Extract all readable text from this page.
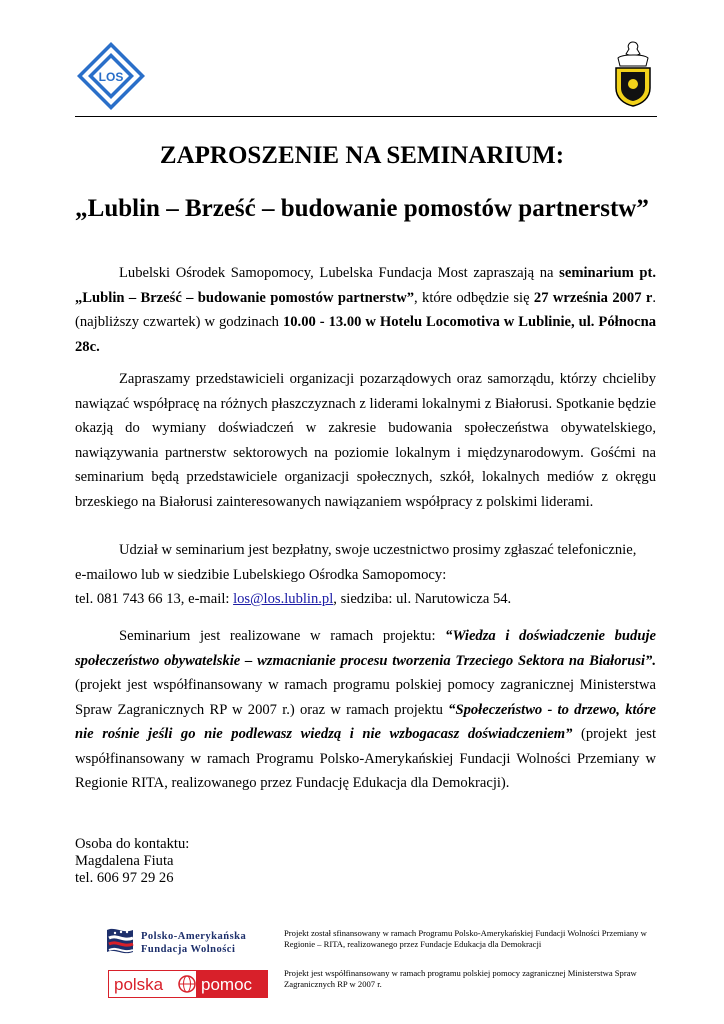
LOS
ZAPROSZENIE NA SEMINARIUM:
„Lublin – Brześć – budowanie pomostów partnerstw”

Lubelski Ośrodek Samopomocy, Lubelska Fundacja Most zapraszają na seminarium pt. „Lublin – Brześć – budowanie pomostów partnerstw”, które odbędzie się 27 września 2007 r. (najbliższy czwartek) w godzinach 10.00 - 13.00 w Hotelu Locomotiva w Lublinie, ul. Północna 28c.

Zapraszamy przedstawicieli organizacji pozarządowych oraz samorządu, którzy chcieliby nawiązać współpracę na różnych płaszczyznach z liderami lokalnymi z Białorusi. Spotkanie będzie okazją do wymiany doświadczeń w zakresie budowania społeczeństwa obywatelskiego, nawiązywania partnerstw sektorowych na poziomie lokalnym i międzynarodowym. Gośćmi na seminarium będą przedstawiciele organizacji społecznych, szkół, lokalnych mediów z okręgu brzeskiego na Białorusi zainteresowanych nawiązaniem współpracy z polskimi liderami.

Udział w seminarium jest bezpłatny, swoje uczestnictwo prosimy zgłaszać telefonicznie,
e-mailowo lub w siedzibie Lubelskiego Ośrodka Samopomocy:
tel. 081 743 66 13, e-mail: los@los.lublin.pl, siedziba: ul. Narutowicza 54.

Seminarium jest realizowane w ramach projektu: “Wiedza i doświadczenie buduje społeczeństwo obywatelskie – wzmacnianie procesu tworzenia Trzeciego Sektora na Białorusi”. (projekt jest współfinansowany w ramach programu polskiej pomocy zagranicznej Ministerstwa Spraw Zagranicznych RP w 2007 r.) oraz w ramach projektu “Społeczeństwo - to drzewo, które nie rośnie jeśli go nie podlewasz wiedzą i nie wzbogacasz doświadczeniem” (projekt jest współfinansowany w ramach Programu Polsko-Amerykańskiej Fundacji Wolności Przemiany w Regionie RITA, realizowanego przez Fundację Edukacja dla Demokracji).

Osoba do kontaktu:
Magdalena Fiuta
tel. 606 97 29 26
Polsko-Amerykańska
Fundacja Wolności
Projekt został sfinansowany w ramach Programu Polsko-Amerykańskiej Fundacji Wolności Przemiany w Regionie – RITA, realizowanego przez Fundacje Edukacja dla Demokracji
polska pomoc
Projekt jest współfinansowany w ramach programu polskiej pomocy zagranicznej Ministerstwa Spraw Zagranicznych RP w 2007 r.
